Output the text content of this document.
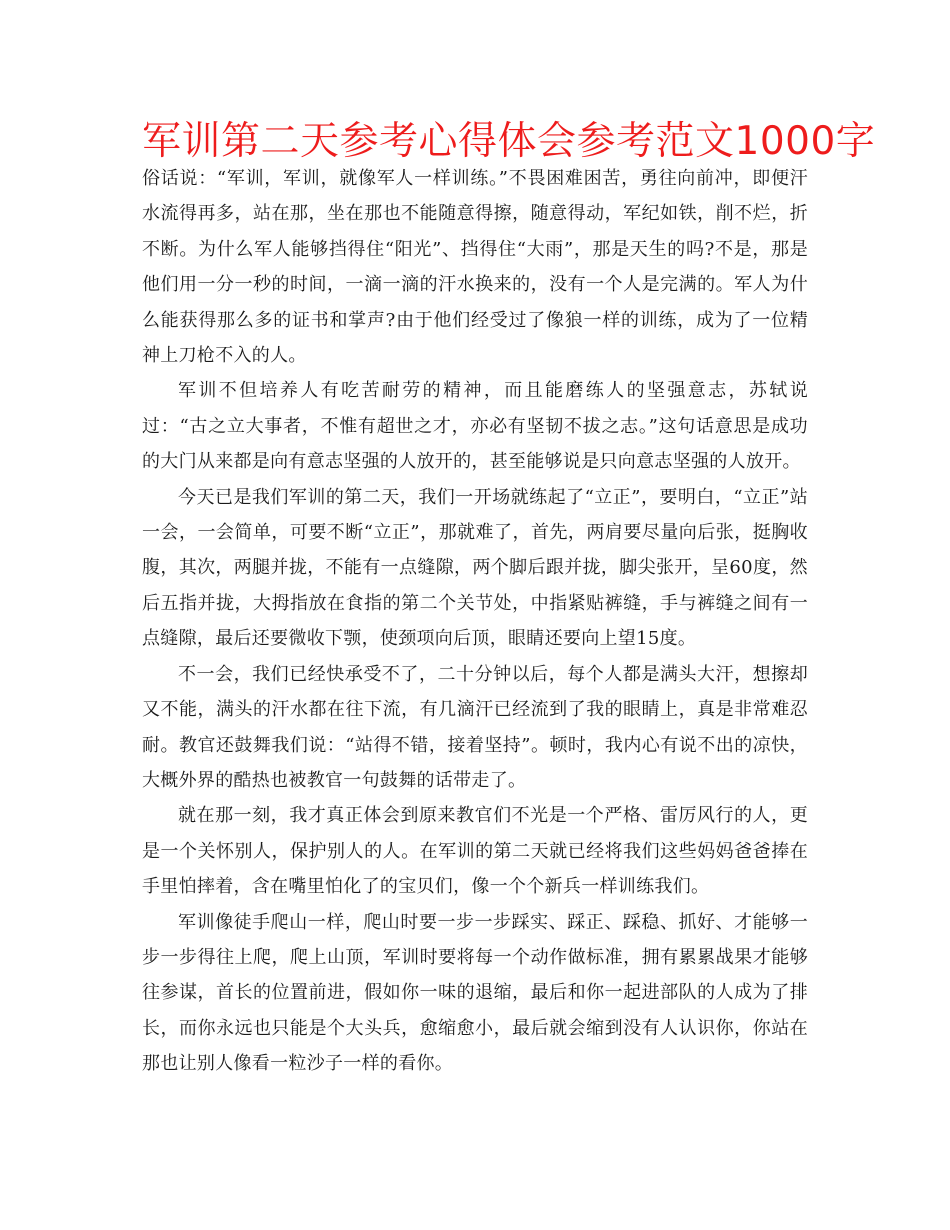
军训第二天参考心得体会参考范文1000字

俗话说：“军训，军训，就像军人一样训练。”不畏困难困苦，勇往向前冲，即便汗水流得再多，站在那，坐在那也不能随意得擦，随意得动，军纪如铁，削不烂，折不断。为什么军人能够挡得住“阳光”、挡得住“大雨”，那是天生的吗?不是，那是他们用一分一秒的时间，一滴一滴的汗水换来的，没有一个人是完满的。军人为什么能获得那么多的证书和掌声?由于他们经受过了像狼一样的训练，成为了一位精神上刀枪不入的人。

军训不但培养人有吃苦耐劳的精神，而且能磨练人的坚强意志，苏轼说过：“古之立大事者，不惟有超世之才，亦必有坚韧不拔之志。”这句话意思是成功的大门从来都是向有意志坚强的人放开的，甚至能够说是只向意志坚强的人放开。

今天已是我们军训的第二天，我们一开场就练起了“立正”，要明白，“立正”站一会，一会简单，可要不断“立正”，那就难了，首先，两肩要尽量向后张，挺胸收腹，其次，两腿并拢，不能有一点缝隙，两个脚后跟并拢，脚尖张开，呈60度，然后五指并拢，大拇指放在食指的第二个关节处，中指紧贴裤缝，手与裤缝之间有一点缝隙，最后还要微收下颚，使颈项向后顶，眼睛还要向上望15度。

不一会，我们已经快承受不了，二十分钟以后，每个人都是满头大汗，想擦却又不能，满头的汗水都在往下流，有几滴汗已经流到了我的眼睛上，真是非常难忍耐。教官还鼓舞我们说：“站得不错，接着坚持”。顿时，我内心有说不出的凉快，大概外界的酷热也被教官一句鼓舞的话带走了。

就在那一刻，我才真正体会到原来教官们不光是一个严格、雷厉风行的人，更是一个关怀别人，保护别人的人。在军训的第二天就已经将我们这些妈妈爸爸捧在手里怕摔着，含在嘴里怕化了的宝贝们，像一个个新兵一样训练我们。

军训像徒手爬山一样，爬山时要一步一步踩实、踩正、踩稳、抓好、才能够一步一步得往上爬，爬上山顶，军训时要将每一个动作做标准，拥有累累战果才能够往参谋，首长的位置前进，假如你一味的退缩，最后和你一起进部队的人成为了排长，而你永远也只能是个大头兵，愈缩愈小，最后就会缩到没有人认识你，你站在那也让别人像看一粒沙子一样的看你。
